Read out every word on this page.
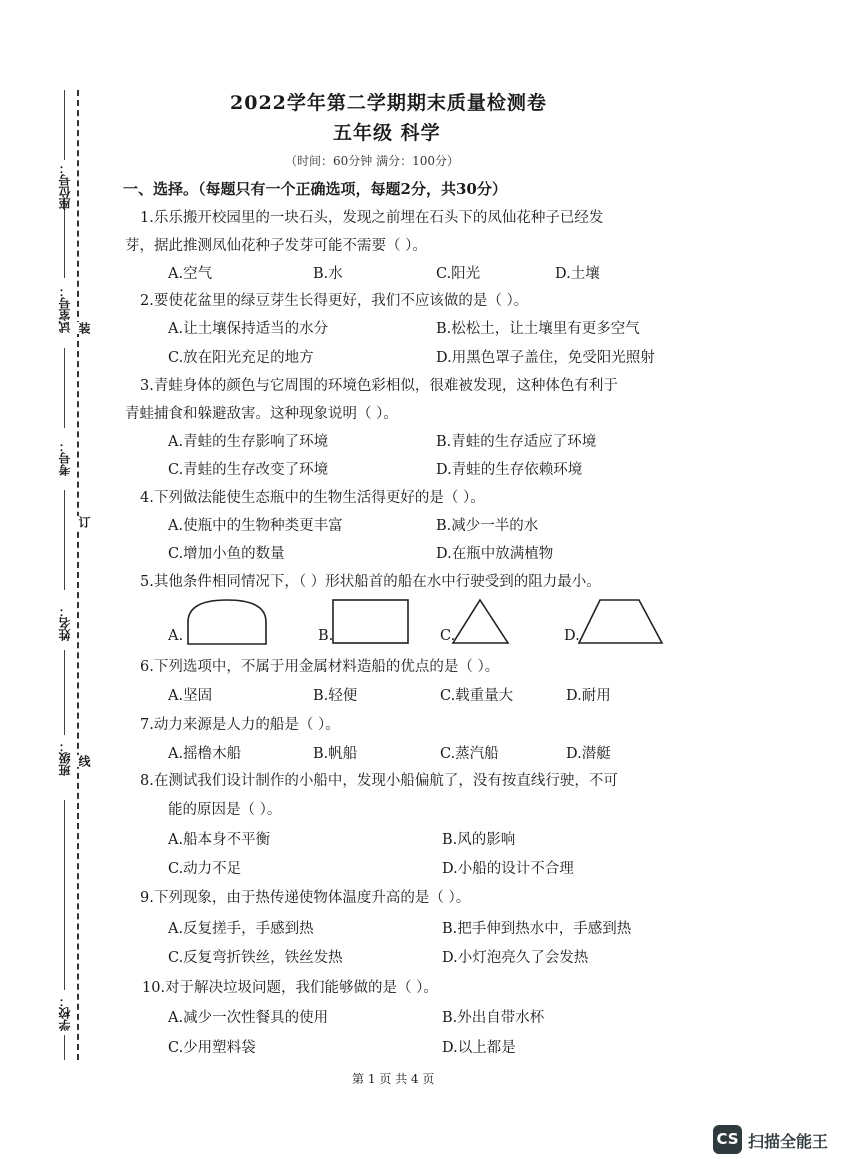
座位号：
试室号：
考号：
姓名：
班级：
学校：
装
订
线
2022学年第二学期期末质量检测卷
五年级 科学
（时间：60分钟 满分：100分）
一、选择。（每题只有一个正确选项，每题2分，共30分）
1.乐乐搬开校园里的一块石头，发现之前埋在石头下的凤仙花种子已经发
芽，据此推测凤仙花种子发芽可能不需要（ ）。
A.空气	B.水	C.阳光	D.土壤
2.要使花盆里的绿豆芽生长得更好，我们不应该做的是（ ）。
A.让土壤保持适当的水分	B.松松土，让土壤里有更多空气
C.放在阳光充足的地方	D.用黑色罩子盖住，免受阳光照射
3.青蛙身体的颜色与它周围的环境色彩相似，很难被发现，这种体色有利于
青蛙捕食和躲避敌害。这种现象说明（ ）。
A.青蛙的生存影响了环境	B.青蛙的生存适应了环境
C.青蛙的生存改变了环境	D.青蛙的生存依赖环境
4.下列做法能使生态瓶中的生物生活得更好的是（ ）。
A.使瓶中的生物种类更丰富	B.减少一半的水
C.增加小鱼的数量	D.在瓶中放满植物
5.其他条件相同情况下，（ ）形状船首的船在水中行驶受到的阻力最小。
A.	B.	C.	D.
6.下列选项中，不属于用金属材料造船的优点的是（ ）。
A.坚固	B.轻便	C.载重量大	D.耐用
7.动力来源是人力的船是（ ）。
A.摇橹木船	B.帆船	C.蒸汽船	D.潜艇
8.在测试我们设计制作的小船中，发现小船偏航了，没有按直线行驶，不可
能的原因是（ ）。
A.船本身不平衡	B.风的影响
C.动力不足	D.小船的设计不合理
9.下列现象，由于热传递使物体温度升高的是（ ）。
A.反复搓手，手感到热	B.把手伸到热水中，手感到热
C.反复弯折铁丝，铁丝发热	D.小灯泡亮久了会发热
10.对于解决垃圾问题，我们能够做的是（ ）。
A.减少一次性餐具的使用	B.外出自带水杯
C.少用塑料袋	D.以上都是
第 1 页 共 4 页
CS 扫描全能王
